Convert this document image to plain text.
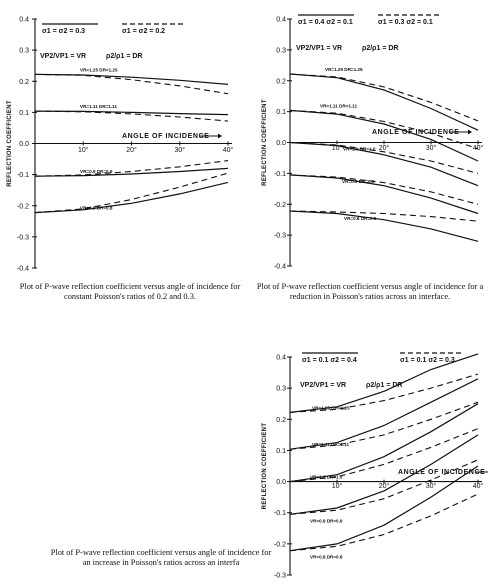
0.4
0.3
0.2
0.1
0.0
-0.1
-0.2
-0.3
-0.4
10°	20°	30°	40°
REFLECTION COEFFICIENT	ANGLE OF INCIDENCE
σ1 = σ2 = 0.3	σ1 = σ2 = 0.2
VP2/VP1 = VR	ρ2/ρ1 = DR
VR=1.25 DR=1.25
VR=1.11 DR=1.11
VR=0.9 DR=0.9
VR=0.8 DR=0.8
0.4
0.3
0.2
0.1
0.0
-0.1
-0.2
-0.3
-0.4
10°	20°	30°	40°
REFLECTION COEFFICIENT	ANGLE OF INCIDENCE
σ1 = 0.4 σ2 = 0.1	σ1 = 0.3 σ2 = 0.1
VP2/VP1 = VR	ρ2/ρ1 = DR
VR=1.25 DR=1.25
VR=1.11 DR=1.11
VR=1.0 DR=1.0
VR=0.9 DR=0.9
VR=0.8 DR=0.8
0.4
0.3
0.2
0.1
0.0
-0.1
-0.2
-0.3
10°	20°	30°	40°
REFLECTION COEFFICIENT	ANGLE OF INCIDENCE
σ1 = 0.1 σ2 = 0.4	σ1 = 0.1 σ2 = 0.3
VP2/VP1 = VR	ρ2/ρ1 = DR
VR=1.25 DR=1.25
VR=1.11 DR=1.11
VR=1.0 DR=1.0
VR=0.9 DR=0.9
VR=0.8 DR=0.8

Plot of P-wave reflection coefficient versus angle of incidence for constant Poisson's ratios of 0.2 and 0.3.

Plot of P-wave reflection coefficient versus angle of incidence for a reduction in Poisson's ratios across an interface.

Plot of P-wave reflection coefficient versus angle of incidence for an increase in Poisson's ratios across an interfa
